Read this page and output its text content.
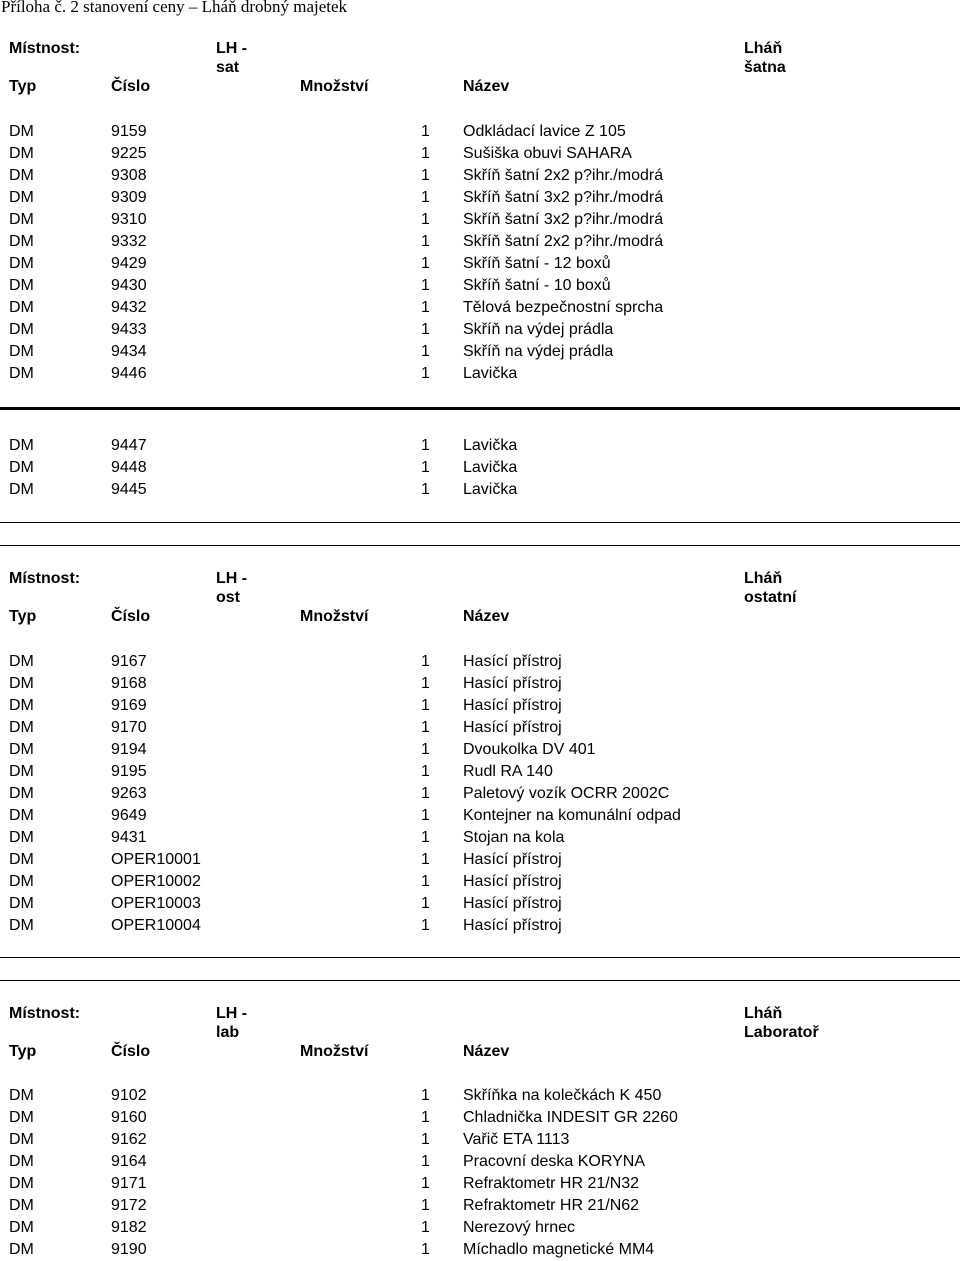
Příloha č. 2 stanovení ceny – Lháň drobný majetek
Místnost:	LH -	Lháň
sat	šatna
Typ	Číslo	Množství	Název
DM	9159	1 Odkládací lavice Z 105
DM	9225	1 Sušiška obuvi SAHARA
DM	9308	1 Skříň šatní 2x2 p?ihr./modrá
DM	9309	1 Skříň šatní 3x2 p?ihr./modrá
DM	9310	1 Skříň šatní 3x2 p?ihr./modrá
DM	9332	1 Skříň šatní 2x2 p?ihr./modrá
DM	9429	1 Skříň šatní - 12 boxů
DM	9430	1 Skříň šatní - 10 boxů
DM	9432	1 Tělová bezpečnostní sprcha
DM	9433	1 Skříň na výdej prádla
DM	9434	1 Skříň na výdej prádla
DM	9446	1 Lavička
DM	9447	1 Lavička
DM	9448	1 Lavička
DM	9445	1 Lavička
Místnost:	LH -	Lháň
ost	ostatní
Typ	Číslo	Množství	Název
DM	9167	1 Hasící přístroj
DM	9168	1 Hasící přístroj
DM	9169	1 Hasící přístroj
DM	9170	1 Hasící přístroj
DM	9194	1 Dvoukolka DV 401
DM	9195	1 Rudl RA 140
DM	9263	1 Paletový vozík OCRR 2002C
DM	9649	1 Kontejner na komunální odpad
DM	9431	1 Stojan na kola
DM	OPER10001	1 Hasící přístroj
DM	OPER10002	1 Hasící přístroj
DM	OPER10003	1 Hasící přístroj
DM	OPER10004	1 Hasící přístroj
Místnost:	LH -	Lháň
lab	Laboratoř
Typ	Číslo	Množství	Název
DM	9102	1 Skříňka na kolečkách K 450
DM	9160	1 Chladnička INDESIT GR 2260
DM	9162	1 Vařič ETA 1113
DM	9164	1 Pracovní deska KORYNA
DM	9171	1 Refraktometr HR 21/N32
DM	9172	1 Refraktometr HR 21/N62
DM	9182	1 Nerezový hrnec
DM	9190	1 Míchadlo magnetické MM4
